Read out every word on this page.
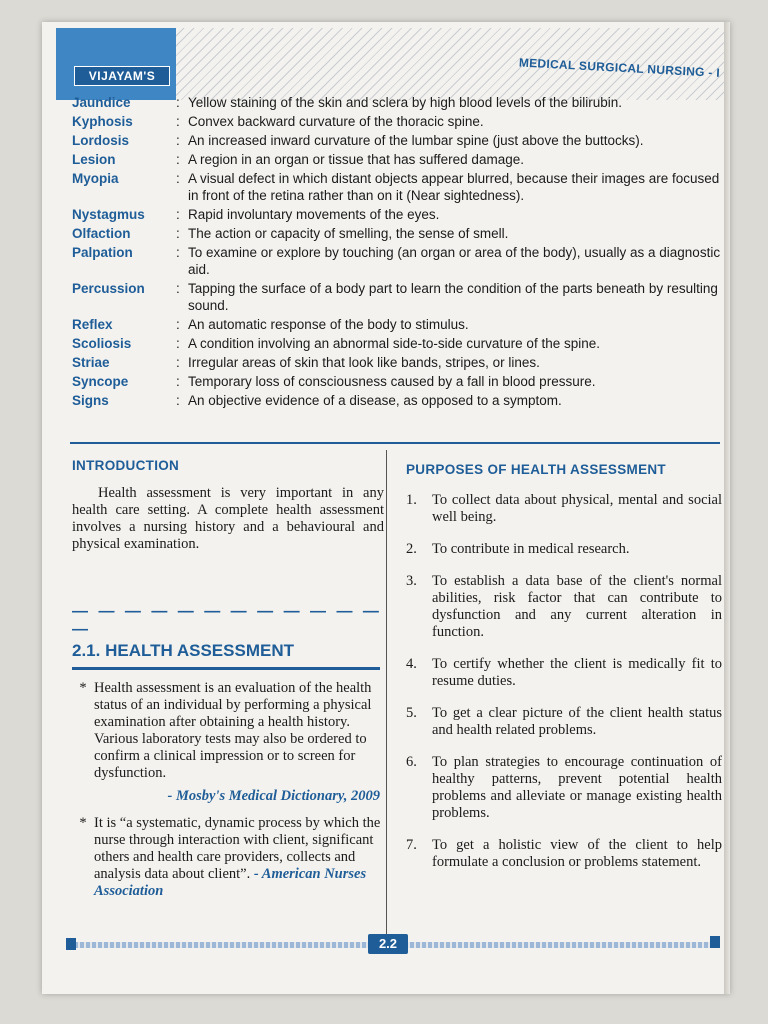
VIJAYAM'S	MEDICAL SURGICAL NURSING - I
Jaundice	: Yellow staining of the skin and sclera by high blood levels of the bilirubin.
Kyphosis	: Convex backward curvature of the thoracic spine.
Lordosis	: An increased inward curvature of the lumbar spine (just above the buttocks).
Lesion	: A region in an organ or tissue that has suffered damage.
Myopia	: A visual defect in which distant objects appear blurred, because their images are focused in front of the retina rather than on it (Near sightedness).
Nystagmus	: Rapid involuntary movements of the eyes.
Olfaction	: The action or capacity of smelling, the sense of smell.
Palpation	: To examine or explore by touching (an organ or area of the body), usually as a diagnostic aid.
Percussion	: Tapping the surface of a body part to learn the condition of the parts beneath by resulting sound.
Reflex	: An automatic response of the body to stimulus.
Scoliosis	: A condition involving an abnormal side-to-side curvature of the spine.
Striae	: Irregular areas of skin that look like bands, stripes, or lines.
Syncope	: Temporary loss of consciousness caused by a fall in blood pressure.
Signs	: An objective evidence of a disease, as opposed to a symptom.
INTRODUCTION
Health assessment is very important in any health care setting. A complete health assessment involves a nursing history and a behavioural and physical examination.
— — — — — — — — — — — — —
2.1. HEALTH ASSESSMENT
* Health assessment is an evaluation of the health status of an individual by performing a physical examination after obtaining a health history. Various laboratory tests may also be ordered to confirm a clinical impression or to screen for dysfunction.
- Mosby's Medical Dictionary, 2009
* It is “a systematic, dynamic process by which the nurse through interaction with client, significant others and health care providers, collects and analysis data about client”. - American Nurses Association
PURPOSES OF HEALTH ASSESSMENT
1.	To collect data about physical, mental and social well being.
2.	To contribute in medical research.
3.	To establish a data base of the client's normal abilities, risk factor that can contribute to dysfunction and any current alteration in function.
4.	To certify whether the client is medically fit to resume duties.
5.	To get a clear picture of the client health status and health related problems.
6.	To plan strategies to encourage continuation of healthy patterns, prevent potential health problems and alleviate or manage existing health problems.
7.	To get a holistic view of the client to help formulate a conclusion or problems statement.
2.2
